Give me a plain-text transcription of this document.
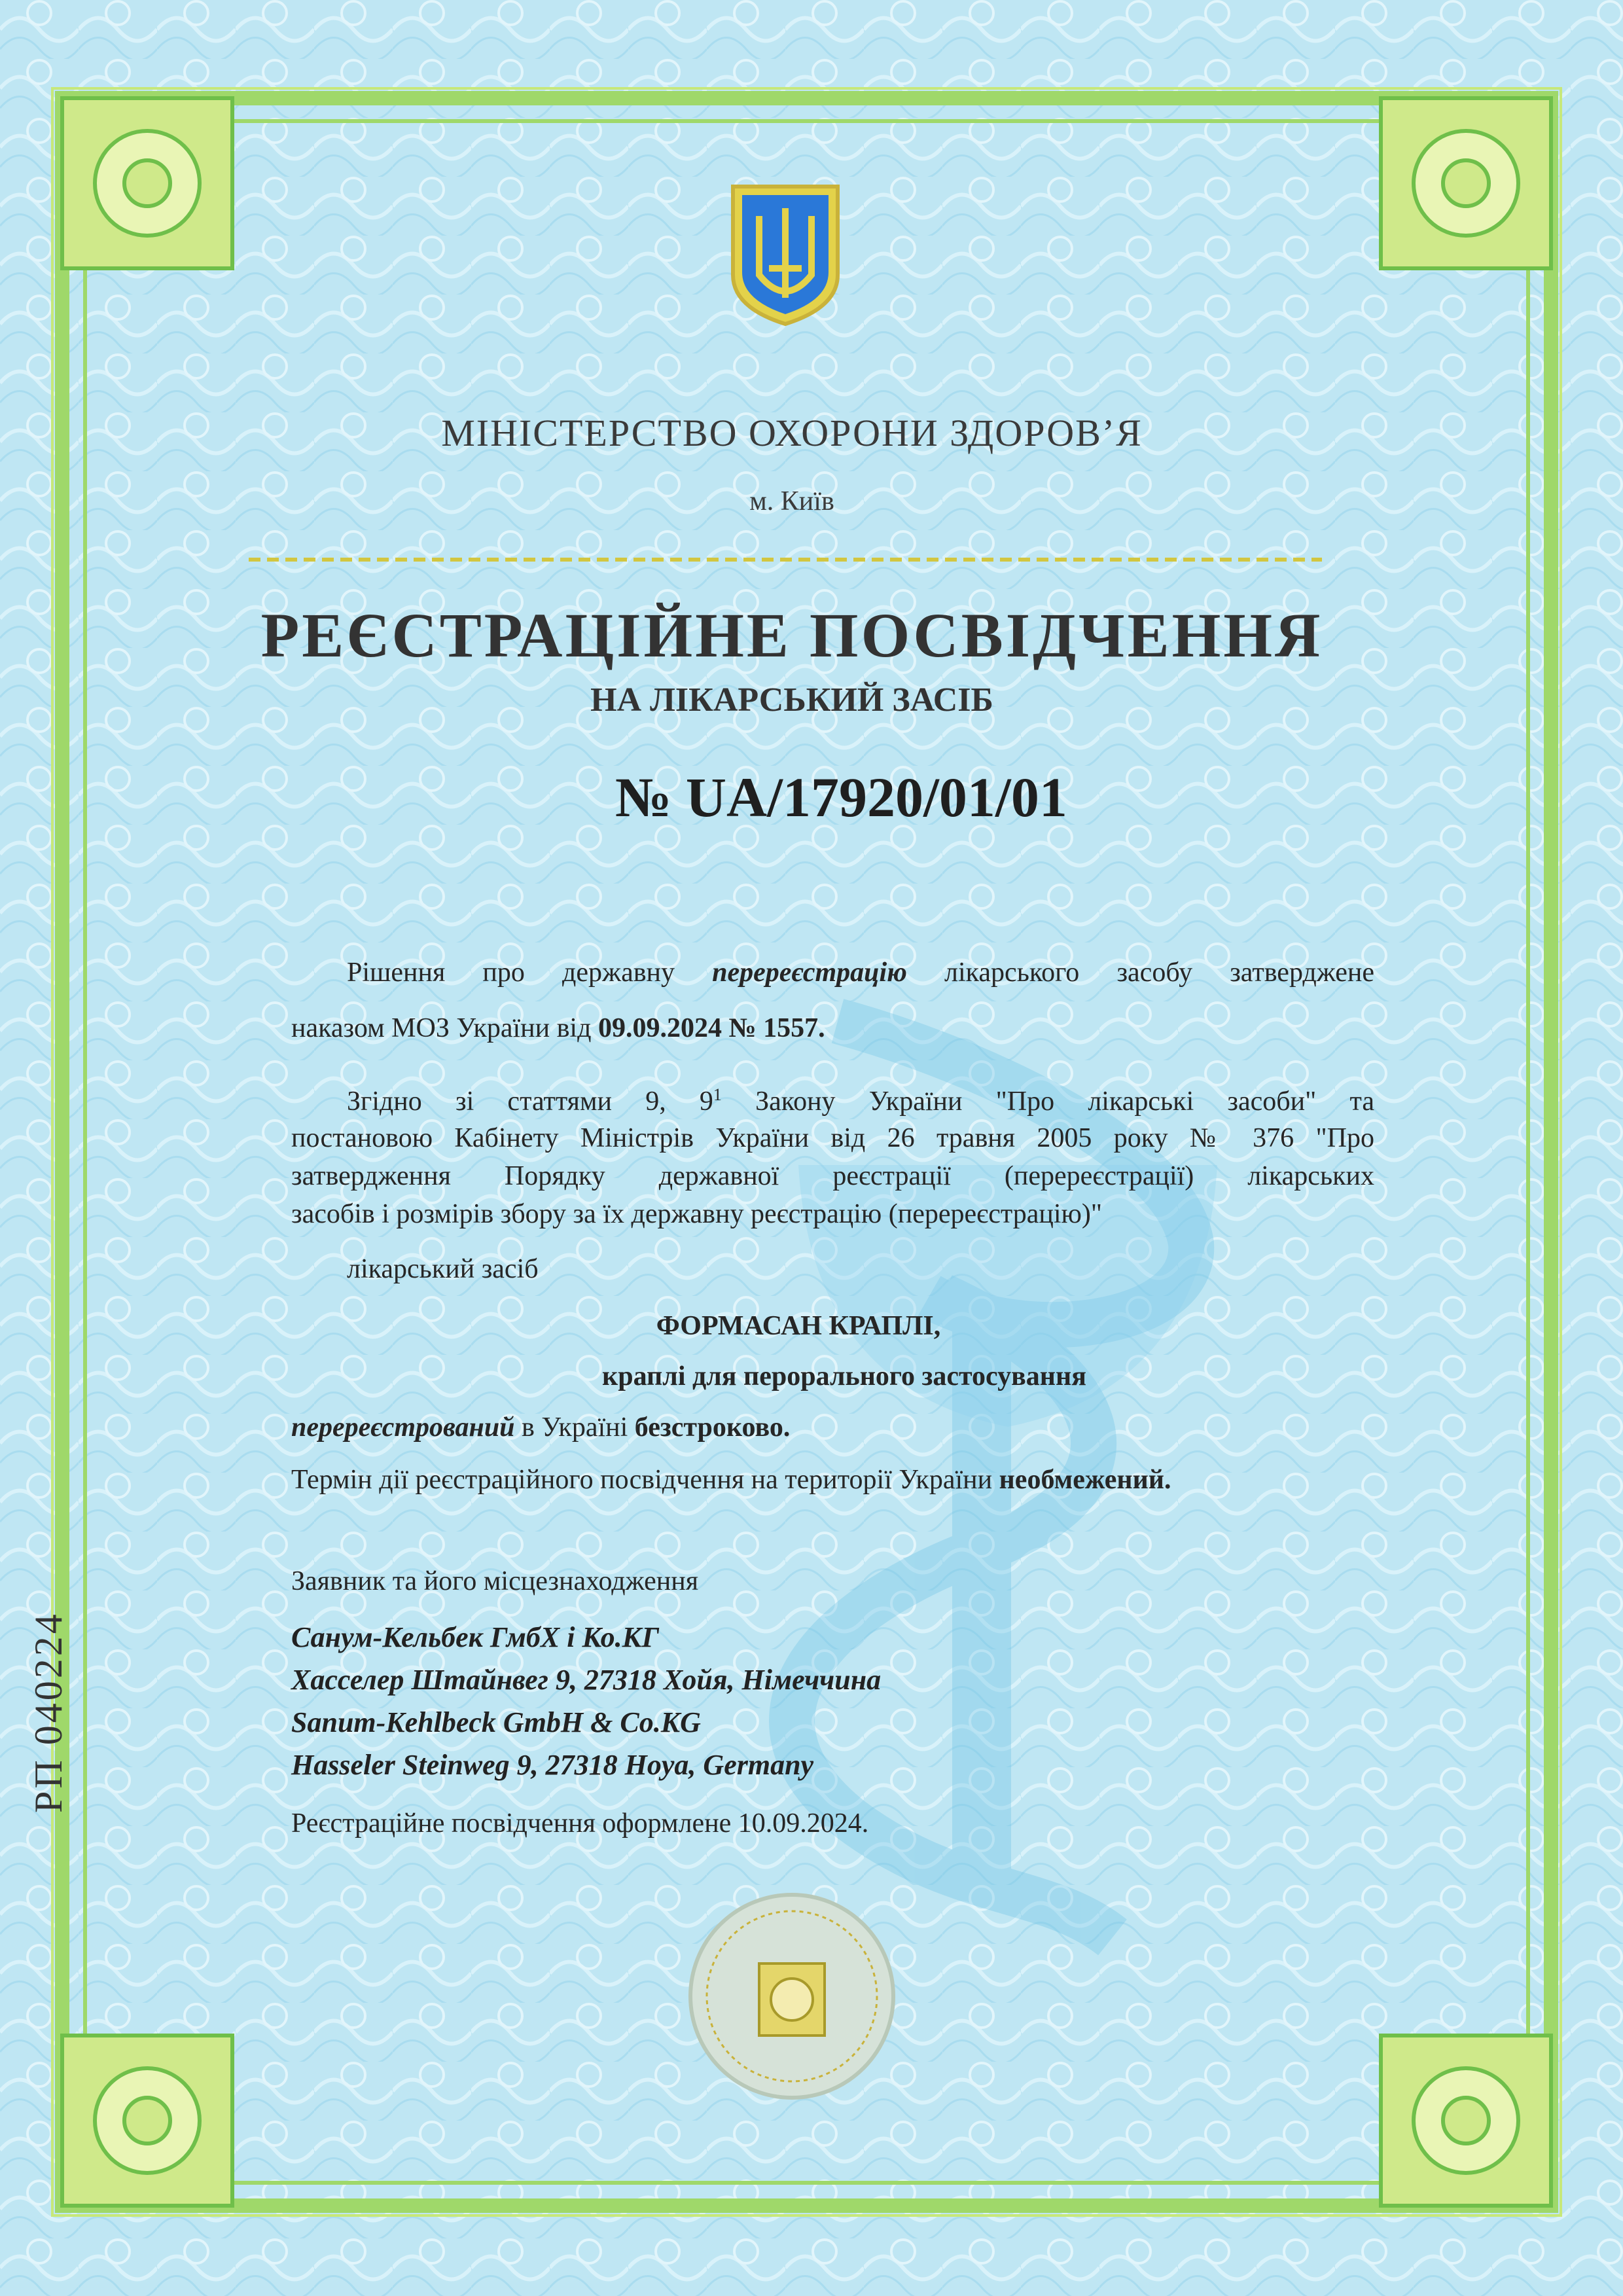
МІНІСТЕРСТВО ОХОРОНИ ЗДОРОВ’Я
м. Київ
РЕЄСТРАЦІЙНЕ ПОСВІДЧЕННЯ
НА ЛІКАРСЬКИЙ ЗАСІБ
№ UA/17920/01/01
Рішення про державну перереєстрацію лікарського засобу затверджене
наказом МОЗ України від 09.09.2024 № 1557.
Згідно зі статтями 9, $9^1$ Закону України "Про лікарські засоби" та
постановою Кабінету Міністрів України від 26 травня 2005 року № 376 "Про
затвердження Порядку державної реєстрації (перереєстрації) лікарських
засобів і розмірів збору за їх державну реєстрацію (перереєстрацію)"
лікарський засіб
ФОРМАСАН КРАПЛІ,
краплі для перорального застосування
перереєстрований в Україні безстроково.
Термін дії реєстраційного посвідчення на території України необмежений.
Заявник та його місцезнаходження
Санум-Кельбек ГмбХ і Ко.КГ
Хасселер Штайнвег 9, 27318 Хойя, Німеччина
Sanum-Kehlbeck GmbH & Co.KG
Hasseler Steinweg 9, 27318 Hoya, Germany
Реєстраційне посвідчення оформлене 10.09.2024.
РП 040224
